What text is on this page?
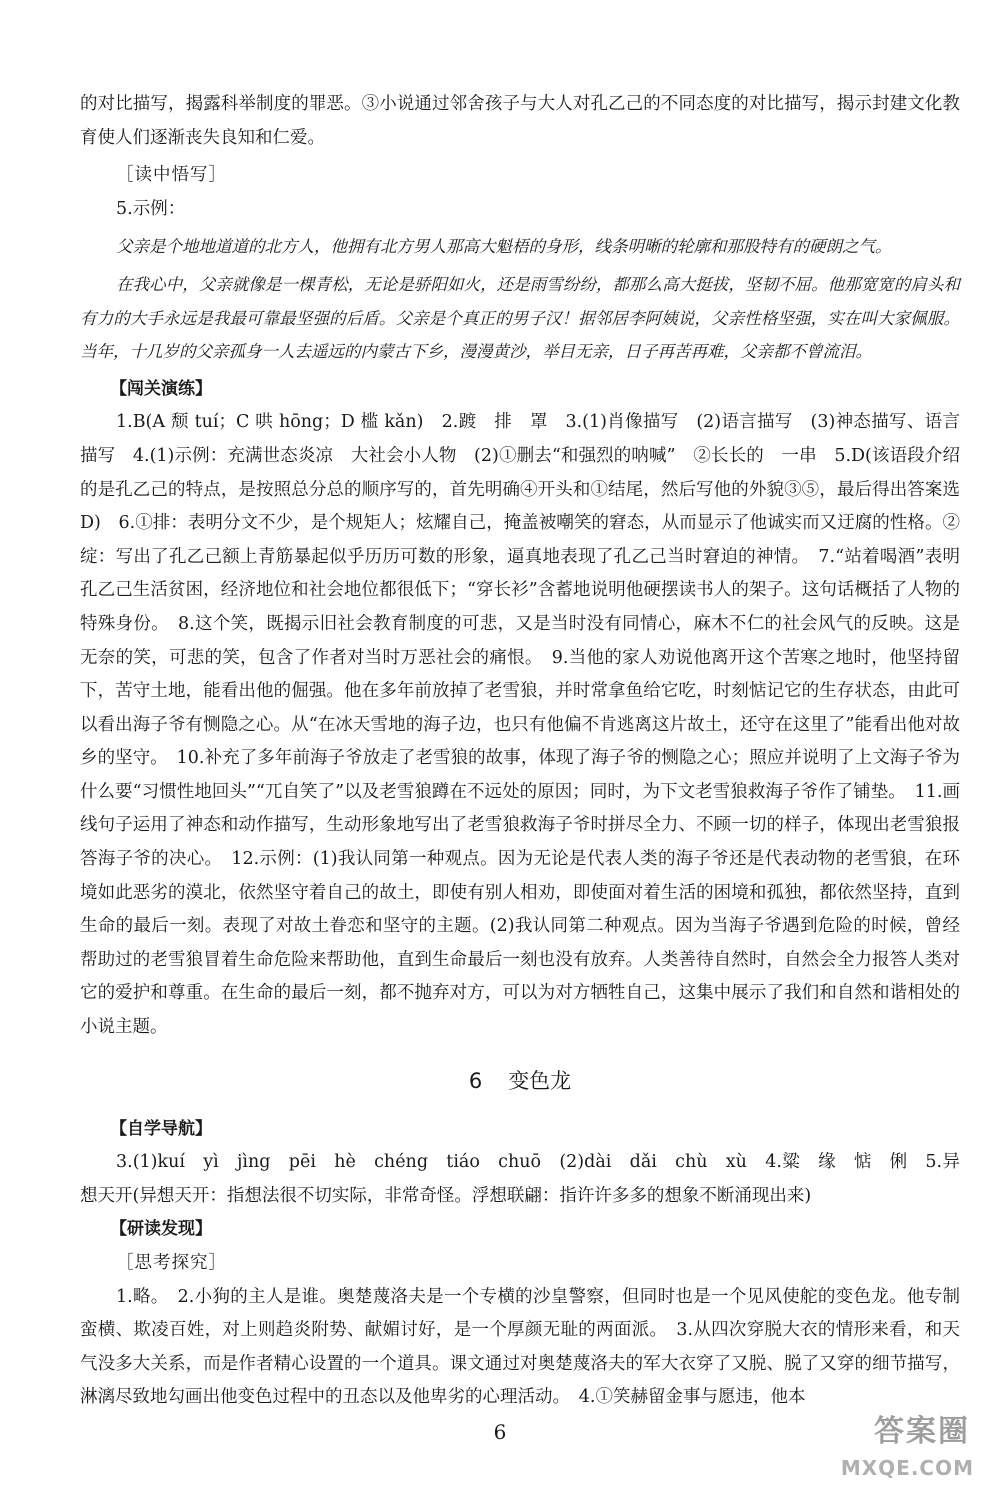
的对比描写，揭露科举制度的罪恶。③小说通过邻舍孩子与大人对孔乙己的不同态度的对比描写，揭示封建文化教育使人们逐渐丧失良知和仁爱。

［读中悟写］

5.示例：

父亲是个地地道道的北方人，他拥有北方男人那高大魁梧的身形，线条明晰的轮廓和那股特有的硬朗之气。

在我心中，父亲就像是一棵青松，无论是骄阳如火，还是雨雪纷纷，都那么高大挺拔，坚韧不屈。他那宽宽的肩头和有力的大手永远是我最可靠最坚强的后盾。父亲是个真正的男子汉！据邻居李阿姨说，父亲性格坚强，实在叫大家佩服。当年，十几岁的父亲孤身一人去遥远的内蒙古下乡，漫漫黄沙，举目无亲，日子再苦再难，父亲都不曾流泪。

【闯关演练】

1.B(A 颓 tuí；C 哄 hōng；D 槛 kǎn)　2.踱　排　罩　3.(1)肖像描写　(2)语言描写　(3)神态描写、语言描写　4.(1)示例：充满世态炎凉　大社会小人物　(2)①删去“和强烈的呐喊”　②长长的　一串　5.D(该语段介绍的是孔乙己的特点，是按照总分总的顺序写的，首先明确④开头和①结尾，然后写他的外貌③⑤，最后得出答案选 D)　6.①排：表明分文不少，是个规矩人；炫耀自己，掩盖被嘲笑的窘态，从而显示了他诚实而又迂腐的性格。②绽：写出了孔乙己额上青筋暴起似乎历历可数的形象，逼真地表现了孔乙己当时窘迫的神情。　7.“站着喝酒”表明孔乙己生活贫困，经济地位和社会地位都很低下；“穿长衫”含蓄地说明他硬摆读书人的架子。这句话概括了人物的特殊身份。　8.这个笑，既揭示旧社会教育制度的可悲，又是当时没有同情心，麻木不仁的社会风气的反映。这是无奈的笑，可悲的笑，包含了作者对当时万恶社会的痛恨。　9.当他的家人劝说他离开这个苦寒之地时，他坚持留下，苦守土地，能看出他的倔强。他在多年前放掉了老雪狼，并时常拿鱼给它吃，时刻惦记它的生存状态，由此可以看出海子爷有恻隐之心。从“在冰天雪地的海子边，也只有他偏不肯逃离这片故土，还守在这里了”能看出他对故乡的坚守。　10.补充了多年前海子爷放走了老雪狼的故事，体现了海子爷的恻隐之心；照应并说明了上文海子爷为什么要“习惯性地回头”“兀自笑了”以及老雪狼蹲在不远处的原因；同时，为下文老雪狼救海子爷作了铺垫。　11.画线句子运用了神态和动作描写，生动形象地写出了老雪狼救海子爷时拼尽全力、不顾一切的样子，体现出老雪狼报答海子爷的决心。　12.示例：(1)我认同第一种观点。因为无论是代表人类的海子爷还是代表动物的老雪狼，在环境如此恶劣的漠北，依然坚守着自己的故土，即使有别人相劝，即使面对着生活的困境和孤独，都依然坚持，直到生命的最后一刻。表现了对故土眷恋和坚守的主题。(2)我认同第二种观点。因为当海子爷遇到危险的时候，曾经帮助过的老雪狼冒着生命危险来帮助他，直到生命最后一刻也没有放弃。人类善待自然时，自然会全力报答人类对它的爱护和尊重。在生命的最后一刻，都不抛弃对方，可以为对方牺牲自己，这集中展示了我们和自然和谐相处的小说主题。

6 变色龙

【自学导航】

3.(1)kuí　yì　jìng　pēi　hè　chéng　tiáo　chuō　(2)dài　dǎi　chù　xù　4.粱　缘　惦　俐　5.异想天开(异想天开：指想法很不切实际，非常奇怪。浮想联翩：指许许多多的想象不断涌现出来)

【研读发现】

［思考探究］

1.略。　2.小狗的主人是谁。奥楚蔑洛夫是一个专横的沙皇警察，但同时也是一个见风使舵的变色龙。他专制蛮横、欺凌百姓，对上则趋炎附势、献媚讨好，是一个厚颜无耻的两面派。　3.从四次穿脱大衣的情形来看，和天气没多大关系，而是作者精心设置的一个道具。课文通过对奥楚蔑洛夫的军大衣穿了又脱、脱了又穿的细节描写，淋漓尽致地勾画出他变色过程中的丑态以及他卑劣的心理活动。　4.①笑赫留金事与愿违，他本

6	答案圈
MXQE.COM
